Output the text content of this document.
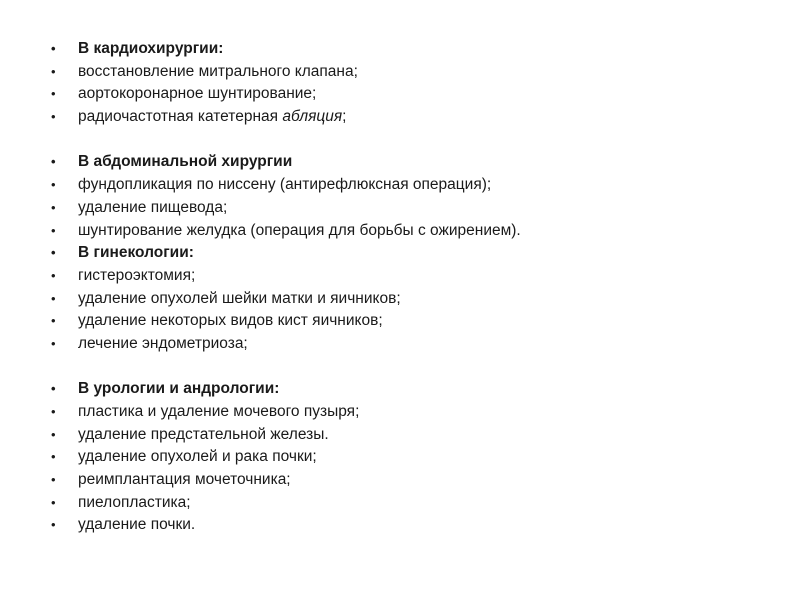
• В кардиохирургии:
• восстановление митрального клапана;
• аортокоронарное шунтирование;
• радиочастотная катетерная абляция;
• В абдоминальной хирургии
• фундопликация по ниссену (антирефлюксная операция);
• удаление пищевода;
• шунтирование желудка (операция для борьбы с ожирением).
• В гинекологии:
• гистероэктомия;
• удаление опухолей шейки матки и яичников;
• удаление некоторых видов кист яичников;
• лечение эндометриоза;
• В урологии и андрологии:
• пластика и удаление мочевого пузыря;
• удаление предстательной железы.
• удаление опухолей и рака почки;
• реимплантация мочеточника;
• пиелопластика;
• удаление почки.
